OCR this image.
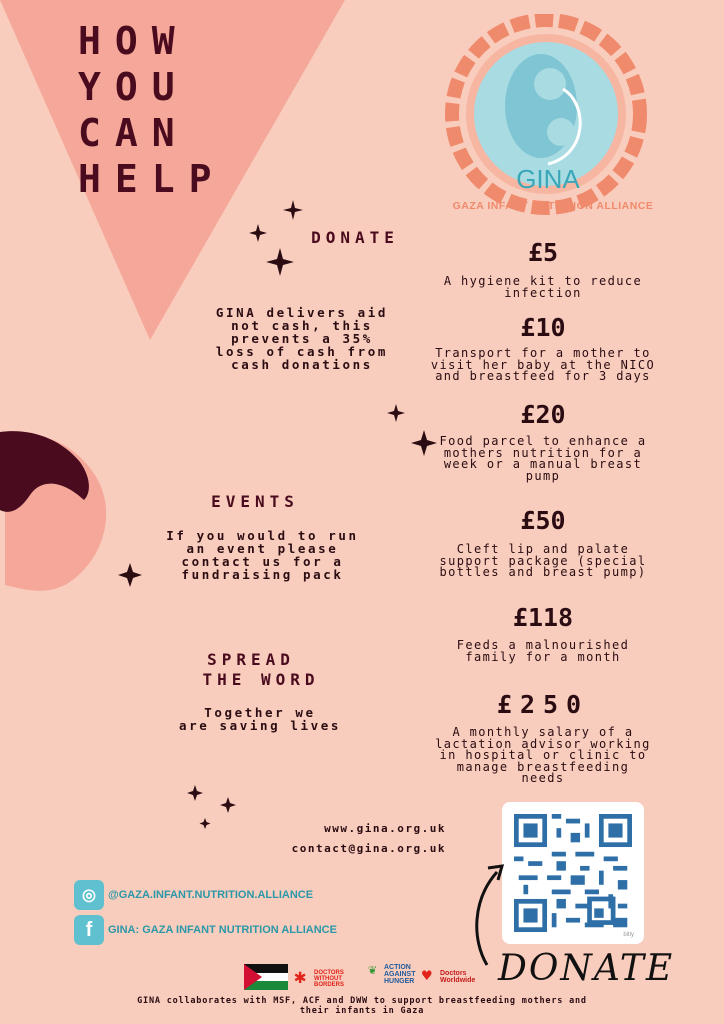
HOW
YOU
CAN
HELP	GINA
GAZA INFANT NUTRITION ALLIANCE
DONATE
GINA delivers aid
not cash, this
prevents a 35%
loss of cash from
cash donations
EVENTS
If you would to run
an event please
contact us for a
fundraising pack
SPREAD
THE WORD
Together we
are saving lives
£5
A hygiene kit to reduce
infection
£10
Transport for a mother to
visit her baby at the NICO
and breastfeed for 3 days
£20
Food parcel to enhance a
mothers nutrition for a
week or a manual breast
pump
£50
Cleft lip and palate
support package (special
bottles and breast pump)
£118
Feeds a malnourished
family for a month
£250
A monthly salary of a
lactation advisor working
in hospital or clinic to
manage breastfeeding
needs
www.gina.org.uk
contact@gina.org.uk
bitly
DONATE
◎	@GAZA.INFANT.NUTRITION.ALLIANCE
f	GINA: GAZA INFANT NUTRITION ALLIANCE
✱ DOCTORS WITHOUT BORDERS
❦ ACTION AGAINST HUNGER ♥ Doctors Worldwide
GINA collaborates with MSF, ACF and DWW to support breastfeeding mothers and
their infants in Gaza
